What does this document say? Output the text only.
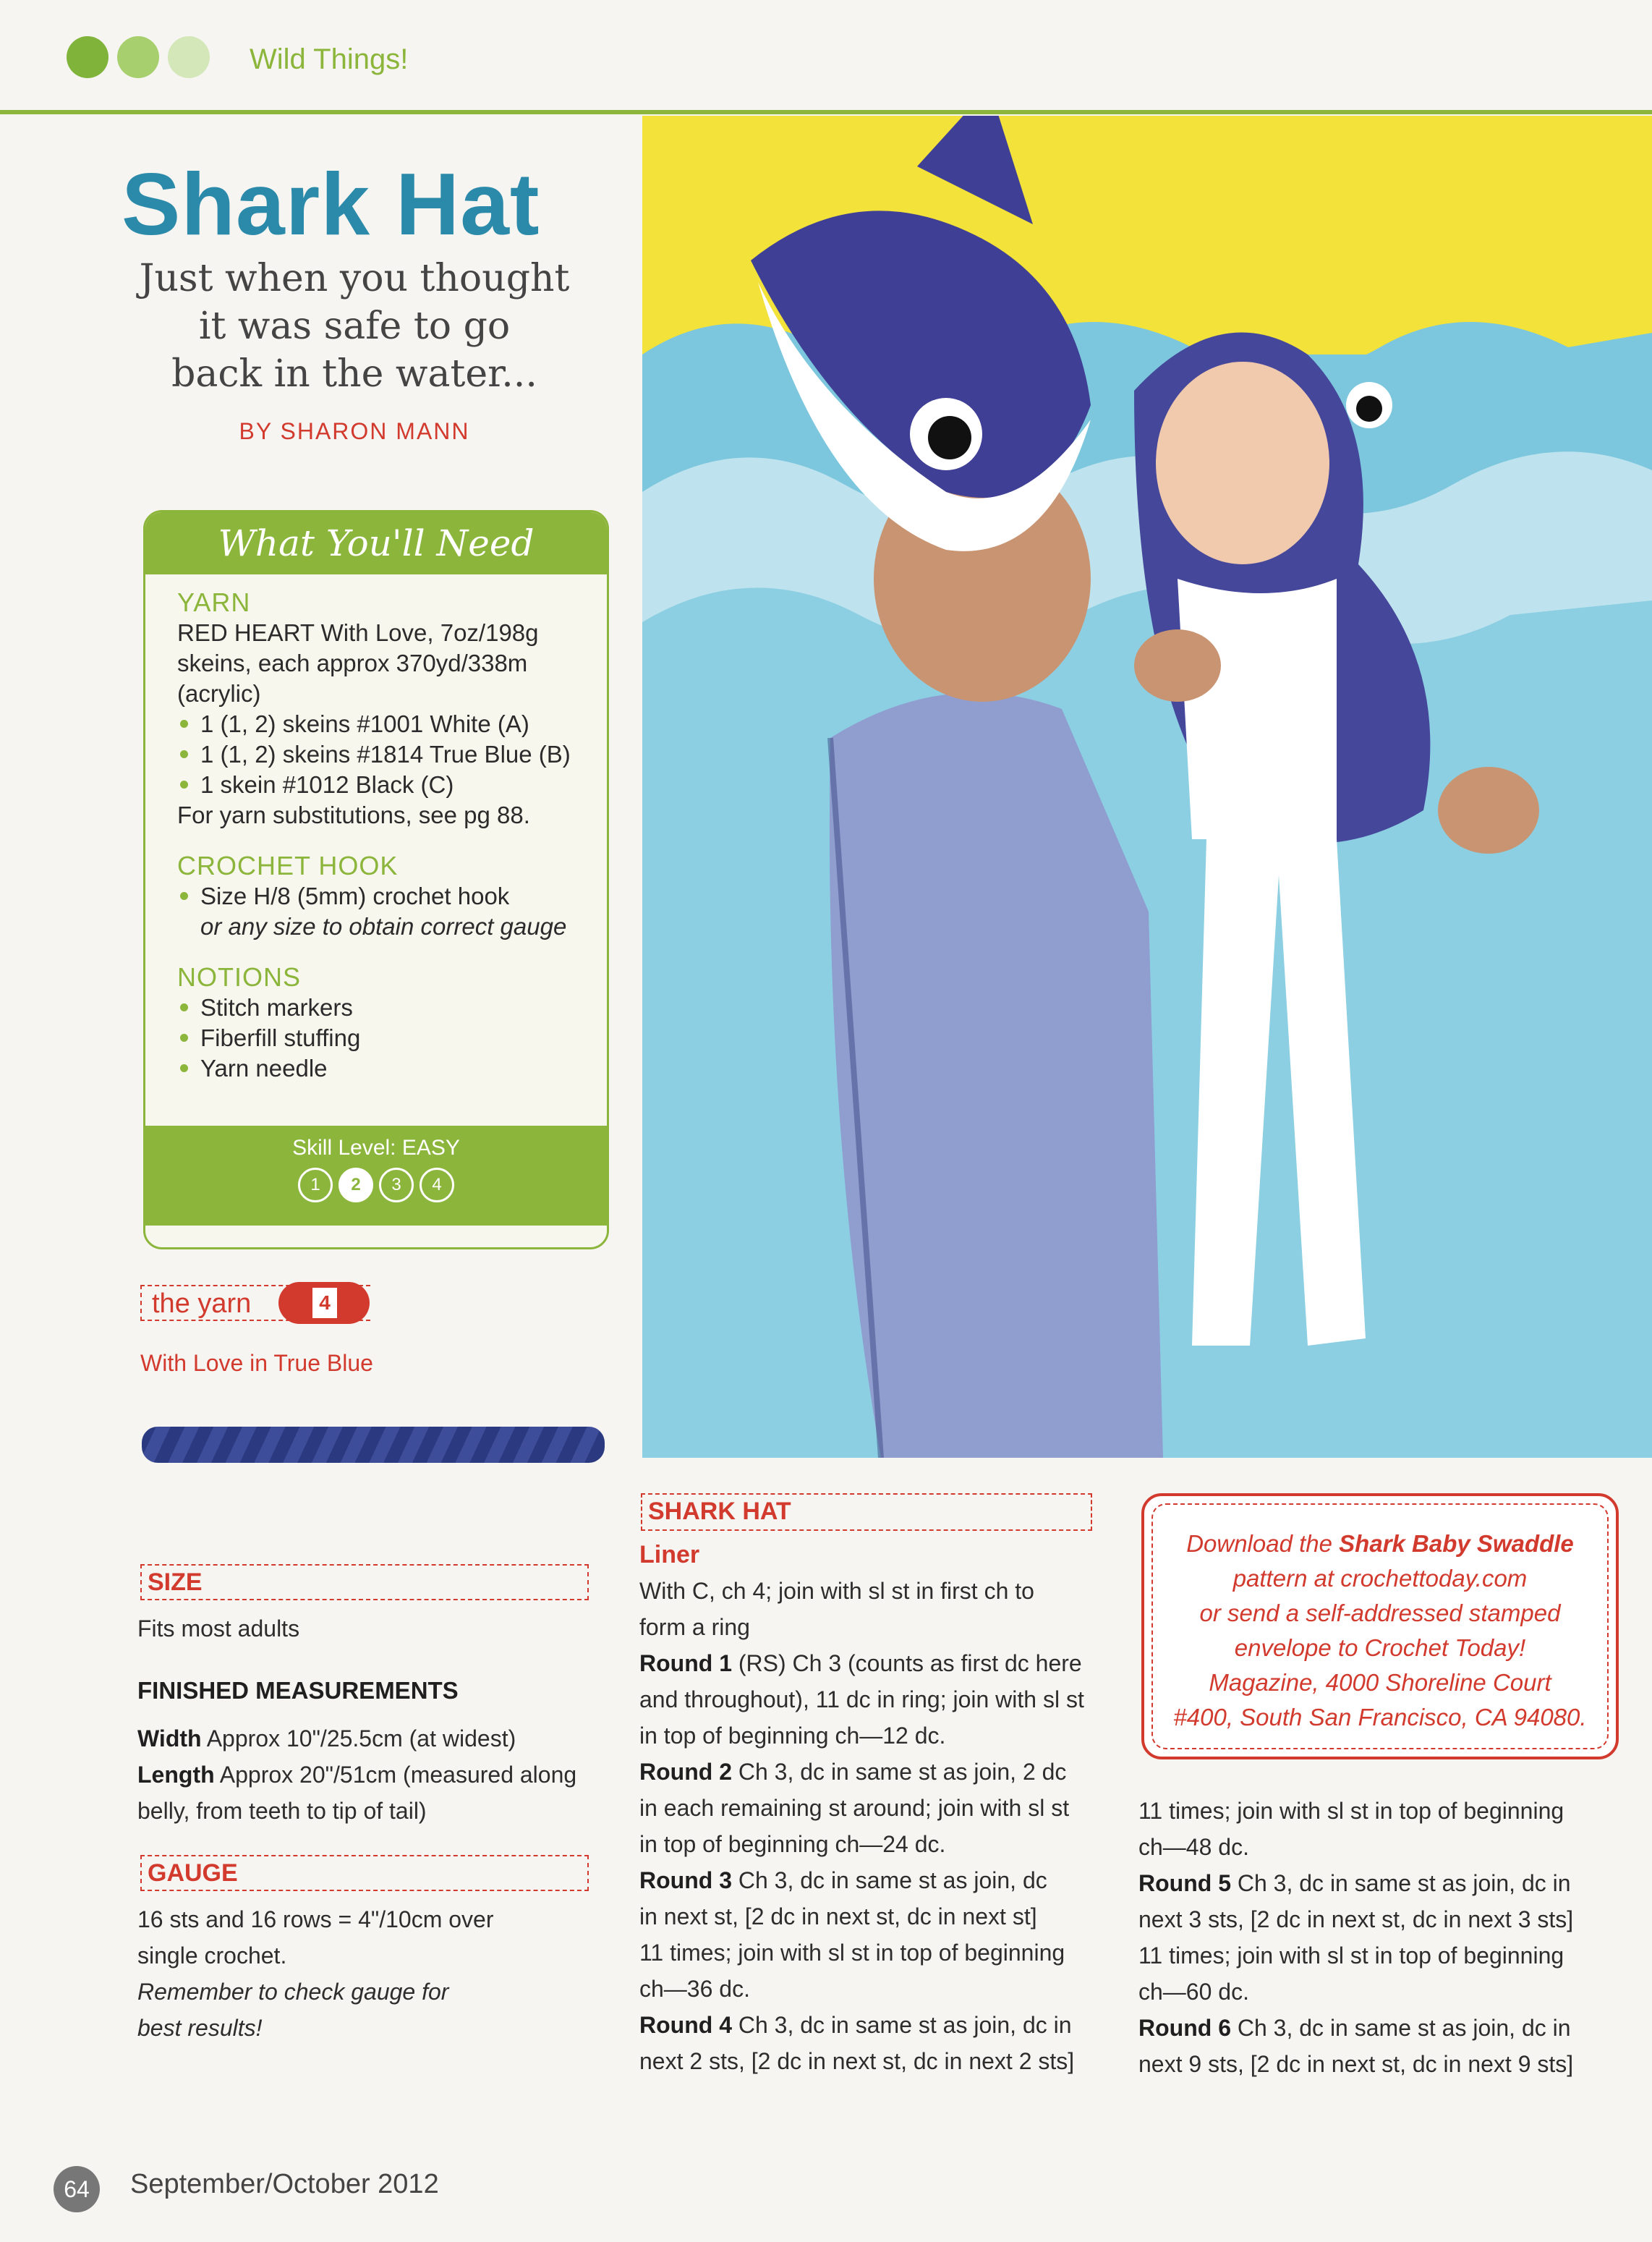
Wild Things!
Shark Hat
Just when you thought
it was safe to go
back in the water...
BY SHARON MANN
What You'll Need
YARN
RED HEART With Love, 7oz/198g
skeins, each approx 370yd/338m
(acrylic)
1 (1, 2) skeins #1001 White (A)
1 (1, 2) skeins #1814 True Blue (B)
1 skein #1012 Black (C)
For yarn substitutions, see pg 88.
CROCHET HOOK
Size H/8 (5mm) crochet hook
or any size to obtain correct gauge
NOTIONS
Stitch markers
Fiberfill stuffing
Yarn needle
Skill Level: EASY
1	2	3	4
the yarn	4
With Love in True Blue
SIZE
Fits most adults
FINISHED MEASUREMENTS
Width Approx 10"/25.5cm (at widest)
Length Approx 20"/51cm (measured along
belly, from teeth to tip of tail)
GAUGE
16 sts and 16 rows = 4"/10cm over
single crochet.
Remember to check gauge for
best results!
SHARK HAT
Liner
With C, ch 4; join with sl st in first ch to
form a ring
Round 1 (RS) Ch 3 (counts as first dc here
and throughout), 11 dc in ring; join with sl st
in top of beginning ch—12 dc.
Round 2 Ch 3, dc in same st as join, 2 dc
in each remaining st around; join with sl st
in top of beginning ch—24 dc.
Round 3 Ch 3, dc in same st as join, dc
in next st, [2 dc in next st, dc in next st]
11 times; join with sl st in top of beginning
ch—36 dc.
Round 4 Ch 3, dc in same st as join, dc in
next 2 sts, [2 dc in next st, dc in next 2 sts]
Download the Shark Baby Swaddle
pattern at crochettoday.com
or send a self-addressed stamped
envelope to Crochet Today!
Magazine, 4000 Shoreline Court
#400, South San Francisco, CA 94080.
11 times; join with sl st in top of beginning
ch—48 dc.
Round 5 Ch 3, dc in same st as join, dc in
next 3 sts, [2 dc in next st, dc in next 3 sts]
11 times; join with sl st in top of beginning
ch—60 dc.
Round 6 Ch 3, dc in same st as join, dc in
next 9 sts, [2 dc in next st, dc in next 9 sts]
64	September/October 2012
